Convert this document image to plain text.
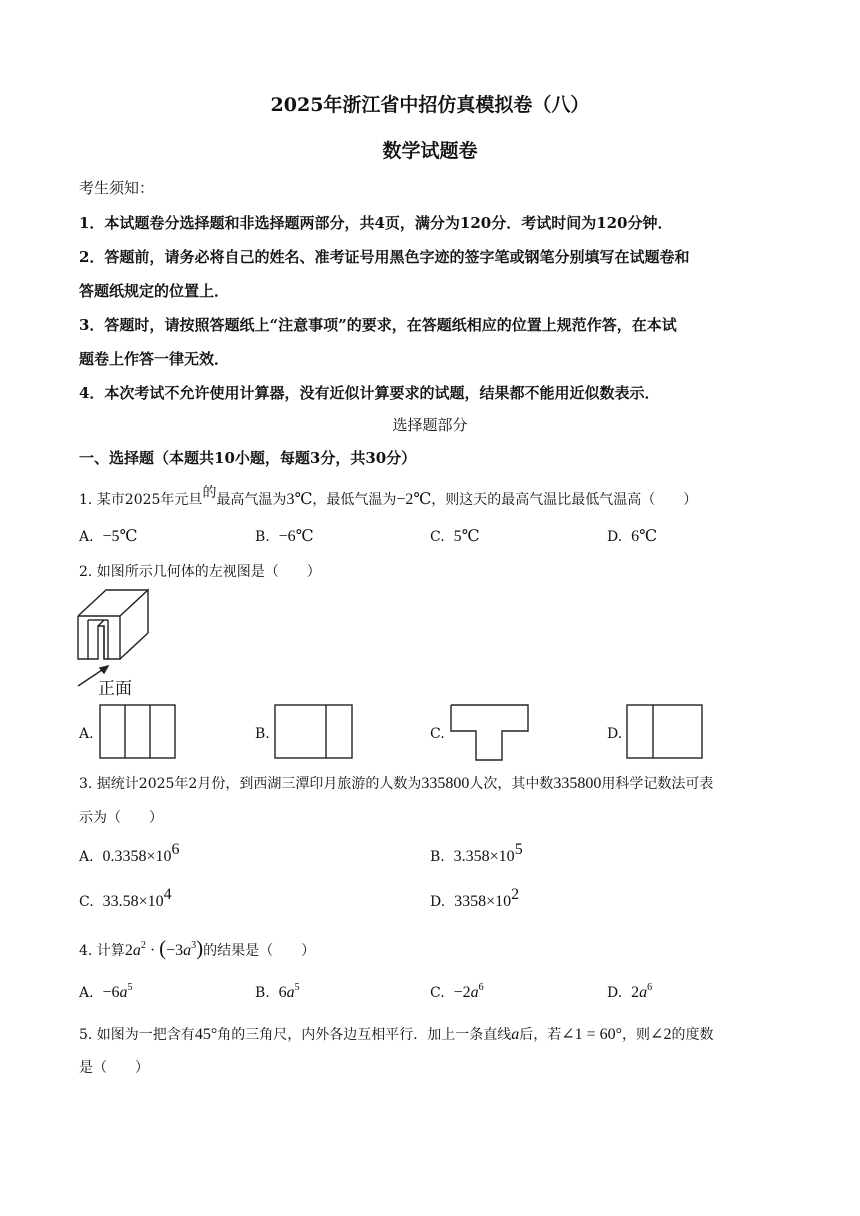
2025年浙江省中招仿真模拟卷（八）
数学试题卷
考生须知：
1．本试题卷分选择题和非选择题两部分，共4页，满分为120分．考试时间为120分钟．
2．答题前，请务必将自己的姓名、准考证号用黑色字迹的签字笔或钢笔分别填写在试题卷和
答题纸规定的位置上．
3．答题时，请按照答题纸上“注意事项”的要求，在答题纸相应的位置上规范作答，在本试
题卷上作答一律无效．
4．本次考试不允许使用计算器，没有近似计算要求的试题，结果都不能用近似数表示．
选择题部分
一、选择题（本题共10小题，每题3分，共30分）
1. 某市2025年元旦的最高气温为3℃，最低气温为−2℃，则这天的最高气温比最低气温高（　　）
A. −5℃	B. −6℃	C. 5℃	D. 6℃
2. 如图所示几何体的左视图是（　　）
正面
A.	B.	C.	D.
3. 据统计2025年2月份，到西湖三潭印月旅游的人数为335800人次，其中数335800用科学记数法可表
示为（　　）
A. $0.3358\times 10^6$	B. $3.358\times 10^5$
C. $33.58\times 10^4$	D. $3358\times 10^2$
4. 计算$2a^2 \cdot (-3a^3)$的结果是（　　）
A. $-6a^5$	B. $6a^5$	C. $-2a^6$	D. $2a^6$
5. 如图为一把含有45°角的三角尺，内外各边互相平行．加上一条直线a后，若∠1 = 60°，则∠2的度数
是（　　）
